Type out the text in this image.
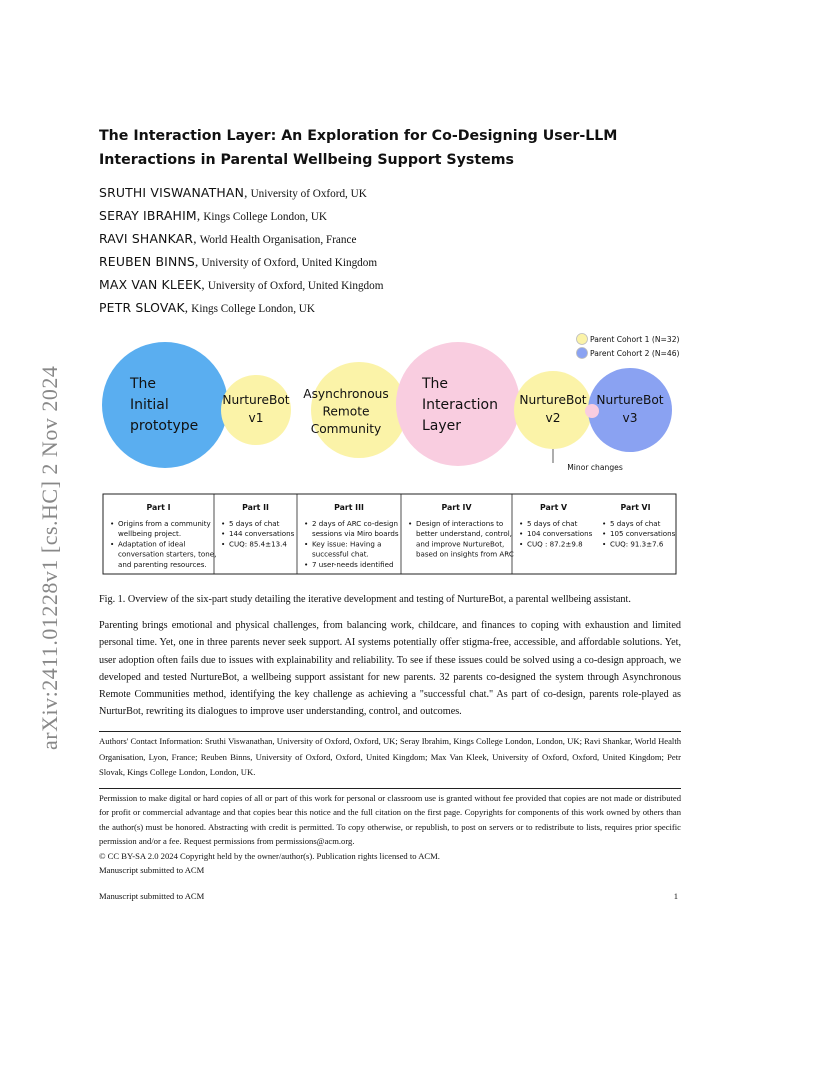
arXiv:2411.01228v1 [cs.HC] 2 Nov 2024
The Interaction Layer: An Exploration for Co-Designing User-LLM Interactions in Parental Wellbeing Support Systems
SRUTHI VISWANATHAN, University of Oxford, UK
SERAY IBRAHIM, Kings College London, UK
RAVI SHANKAR, World Health Organisation, France
REUBEN BINNS, University of Oxford, United Kingdom
MAX VAN KLEEK, University of Oxford, United Kingdom
PETR SLOVAK, Kings College London, UK
Parent Cohort 1 (N=32)
Parent Cohort 2 (N=46)
The
Initial
prototype
NurtureBot
v1
Asynchronous
Remote
Community
The
Interaction
Layer
NurtureBot
v2
NurtureBot
v3
Minor changes
Part I
• Origins from a community
wellbeing project.
• Adaptation of ideal
conversation starters, tone,
and parenting resources.
Part II
• 5 days of chat
• 144 conversations
• CUQ: 85.4±13.4
Part III
• 2 days of ARC co-design
sessions via Miro boards
• Key issue: Having a
successful chat.
• 7 user-needs identified
Part IV
• Design of interactions to
better understand, control,
and improve NurtureBot,
based on insights from ARC
Part V
• 5 days of chat
• 104 conversations
• CUQ : 87.2±9.8
Part VI
• 5 days of chat
• 105 conversations
• CUQ: 91.3±7.6
Fig. 1. Overview of the six-part study detailing the iterative development and testing of NurtureBot, a parental wellbeing assistant.
Parenting brings emotional and physical challenges, from balancing work, childcare, and finances to coping with exhaustion and limited personal time. Yet, one in three parents never seek support. AI systems potentially offer stigma-free, accessible, and affordable solutions. Yet, user adoption often fails due to issues with explainability and reliability. To see if these issues could be solved using a co-design approach, we developed and tested NurtureBot, a wellbeing support assistant for new parents. 32 parents co-designed the system through Asynchronous Remote Communities method, identifying the key challenge as achieving a "successful chat." As part of co-design, parents role-played as NurturBot, rewriting its dialogues to improve user understanding, control, and outcomes.
Authors' Contact Information: Sruthi Viswanathan, University of Oxford, Oxford, UK; Seray Ibrahim, Kings College London, London, UK; Ravi Shankar, World Health Organisation, Lyon, France; Reuben Binns, University of Oxford, Oxford, United Kingdom; Max Van Kleek, University of Oxford, Oxford, United Kingdom; Petr Slovak, Kings College London, London, UK.

Permission to make digital or hard copies of all or part of this work for personal or classroom use is granted without fee provided that copies are not made or distributed for profit or commercial advantage and that copies bear this notice and the full citation on the first page. Copyrights for components of this work owned by others than the author(s) must be honored. Abstracting with credit is permitted. To copy otherwise, or republish, to post on servers or to redistribute to lists, requires prior specific permission and/or a fee. Request permissions from permissions@acm.org.

© CC BY-SA 2.0 2024 Copyright held by the owner/author(s). Publication rights licensed to ACM.

Manuscript submitted to ACM

Manuscript submitted to ACM	1
